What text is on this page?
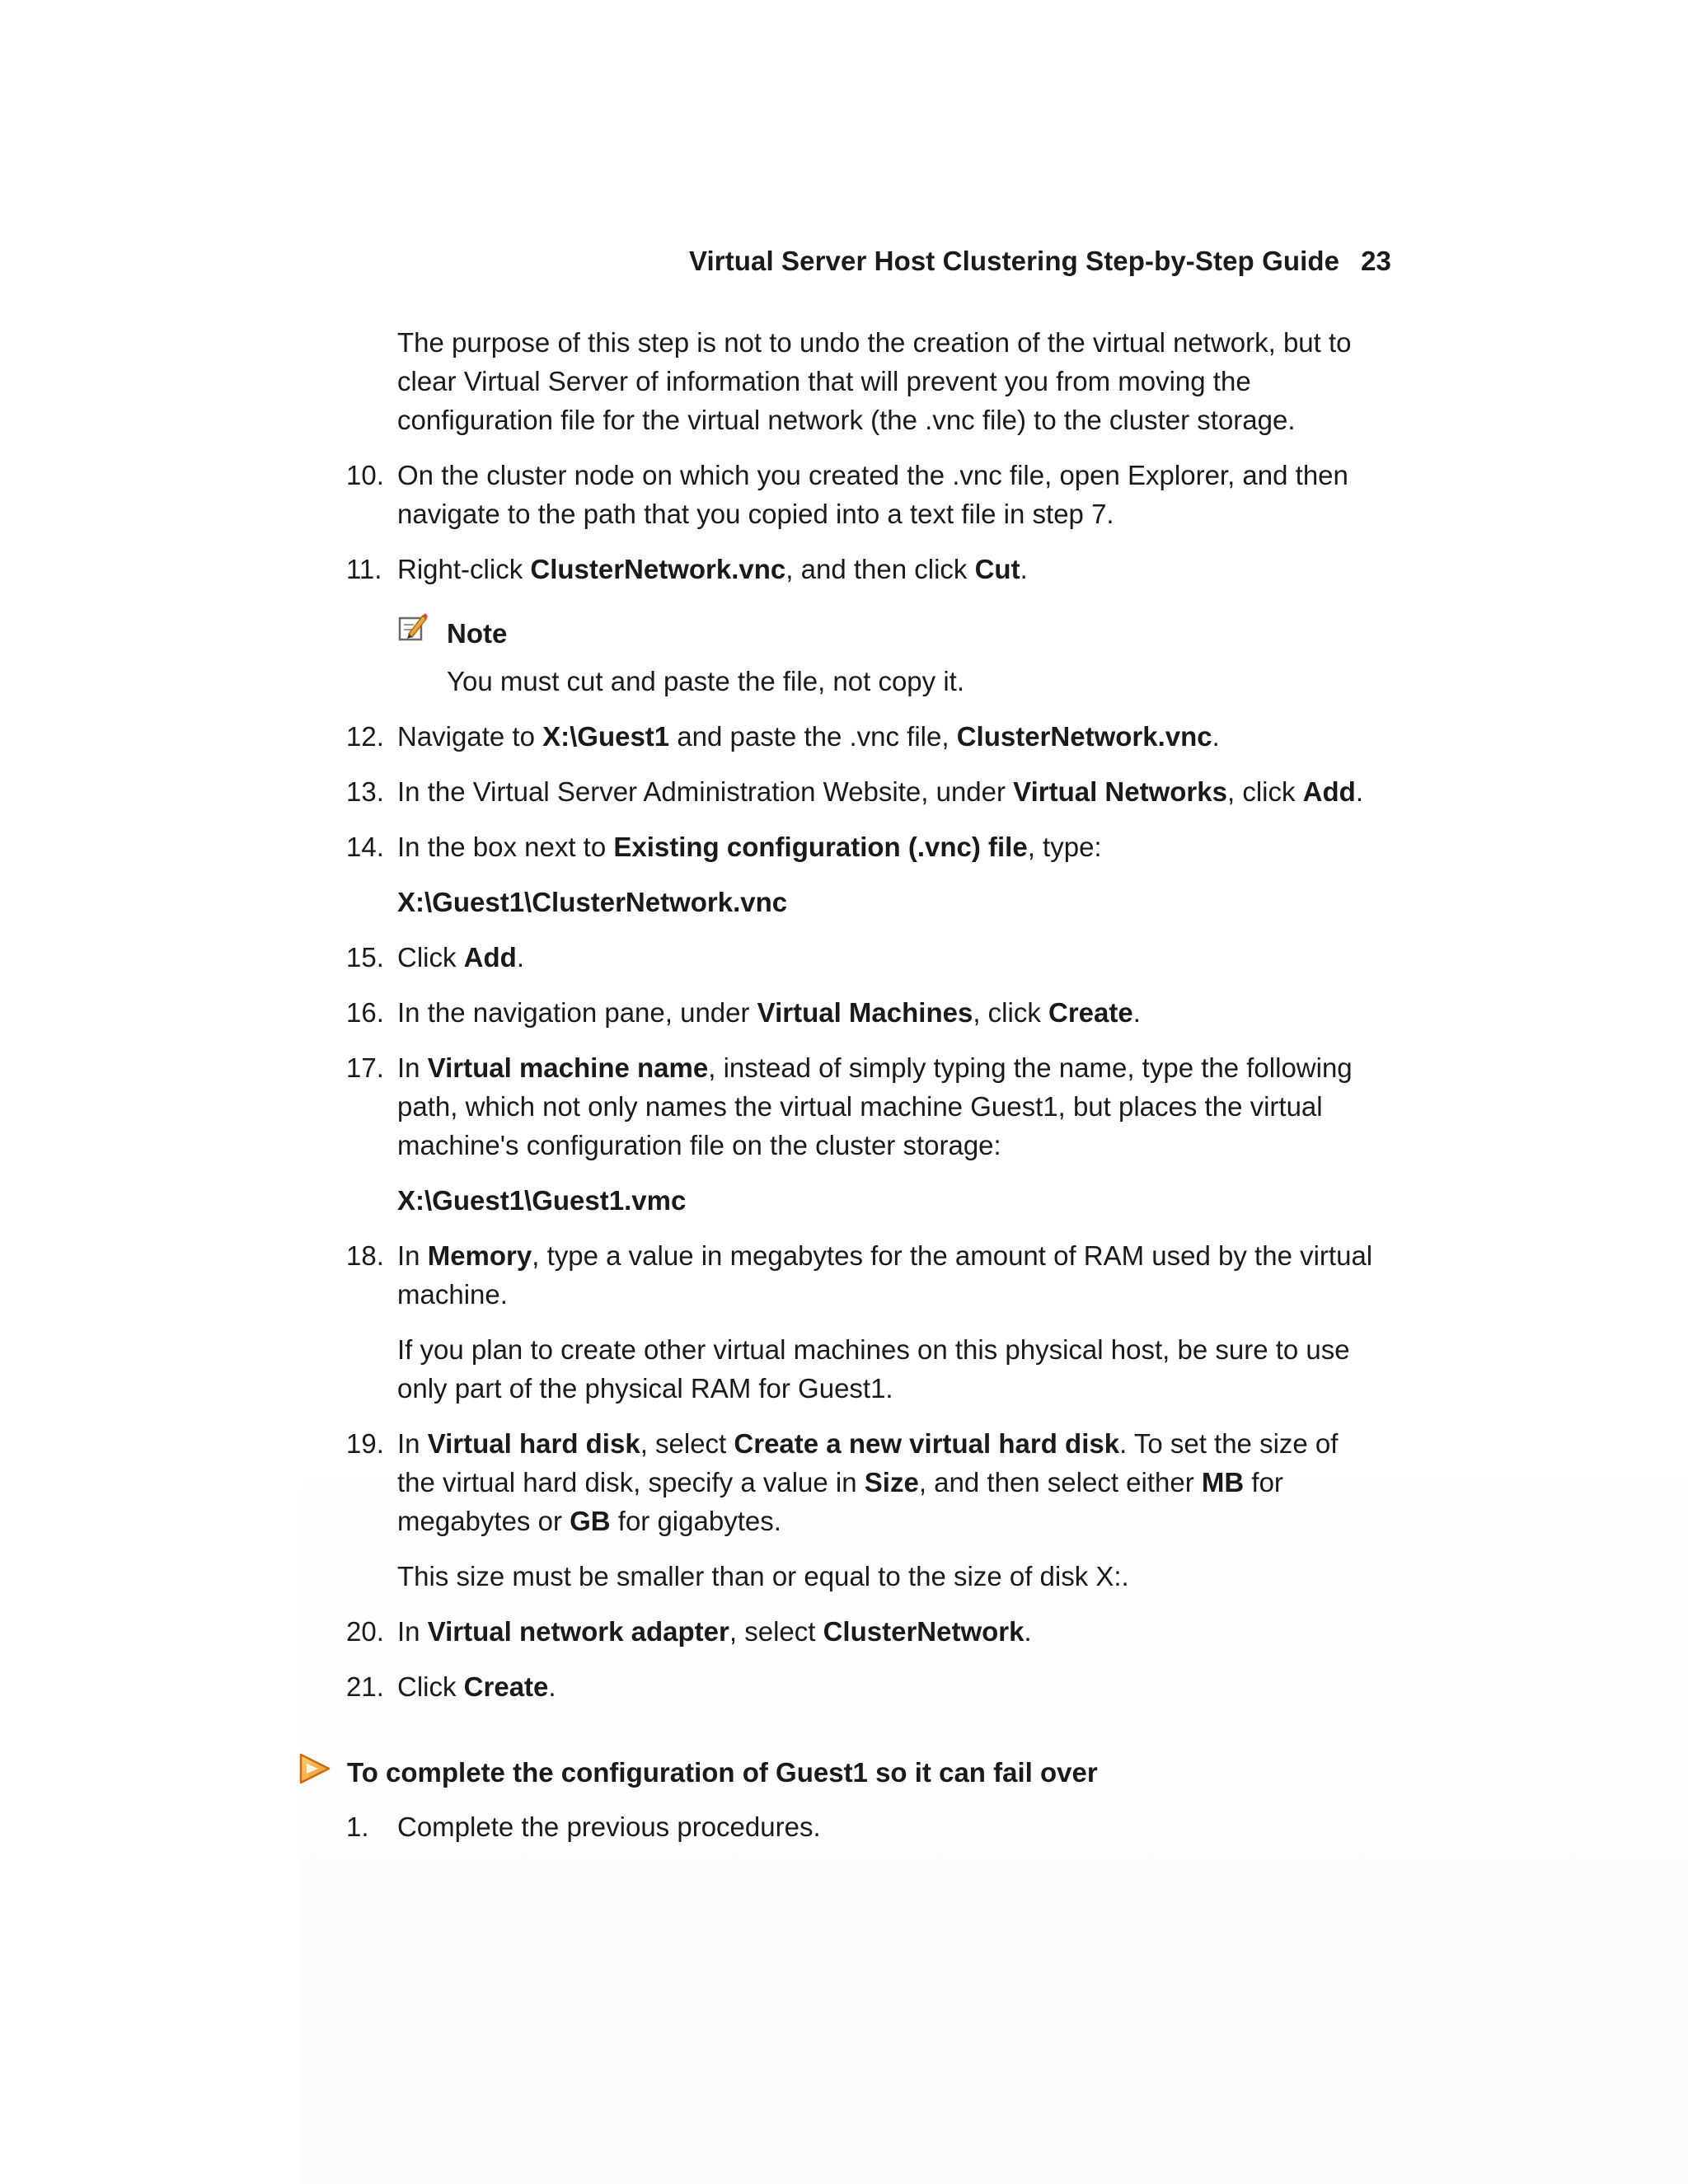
Virtual Server Host Clustering Step-by-Step Guide 23
The purpose of this step is not to undo the creation of the virtual network, but to
clear Virtual Server of information that will prevent you from moving the
configuration file for the virtual network (the .vnc file) to the cluster storage.
10. On the cluster node on which you created the .vnc file, open Explorer, and then
navigate to the path that you copied into a text file in step 7.
11. Right-click ClusterNetwork.vnc, and then click Cut.
Note
You must cut and paste the file, not copy it.
12. Navigate to X:\Guest1 and paste the .vnc file, ClusterNetwork.vnc.
13. In the Virtual Server Administration Website, under Virtual Networks, click Add.
14. In the box next to Existing configuration (.vnc) file, type:
X:\Guest1\ClusterNetwork.vnc
15. Click Add.
16. In the navigation pane, under Virtual Machines, click Create.
17. In Virtual machine name, instead of simply typing the name, type the following
path, which not only names the virtual machine Guest1, but places the virtual
machine's configuration file on the cluster storage:
X:\Guest1\Guest1.vmc
18. In Memory, type a value in megabytes for the amount of RAM used by the virtual
machine.
If you plan to create other virtual machines on this physical host, be sure to use
only part of the physical RAM for Guest1.
19. In Virtual hard disk, select Create a new virtual hard disk. To set the size of
the virtual hard disk, specify a value in Size, and then select either MB for
megabytes or GB for gigabytes.
This size must be smaller than or equal to the size of disk X:.
20. In Virtual network adapter, select ClusterNetwork.
21. Click Create.
To complete the configuration of Guest1 so it can fail over
1. Complete the previous procedures.
